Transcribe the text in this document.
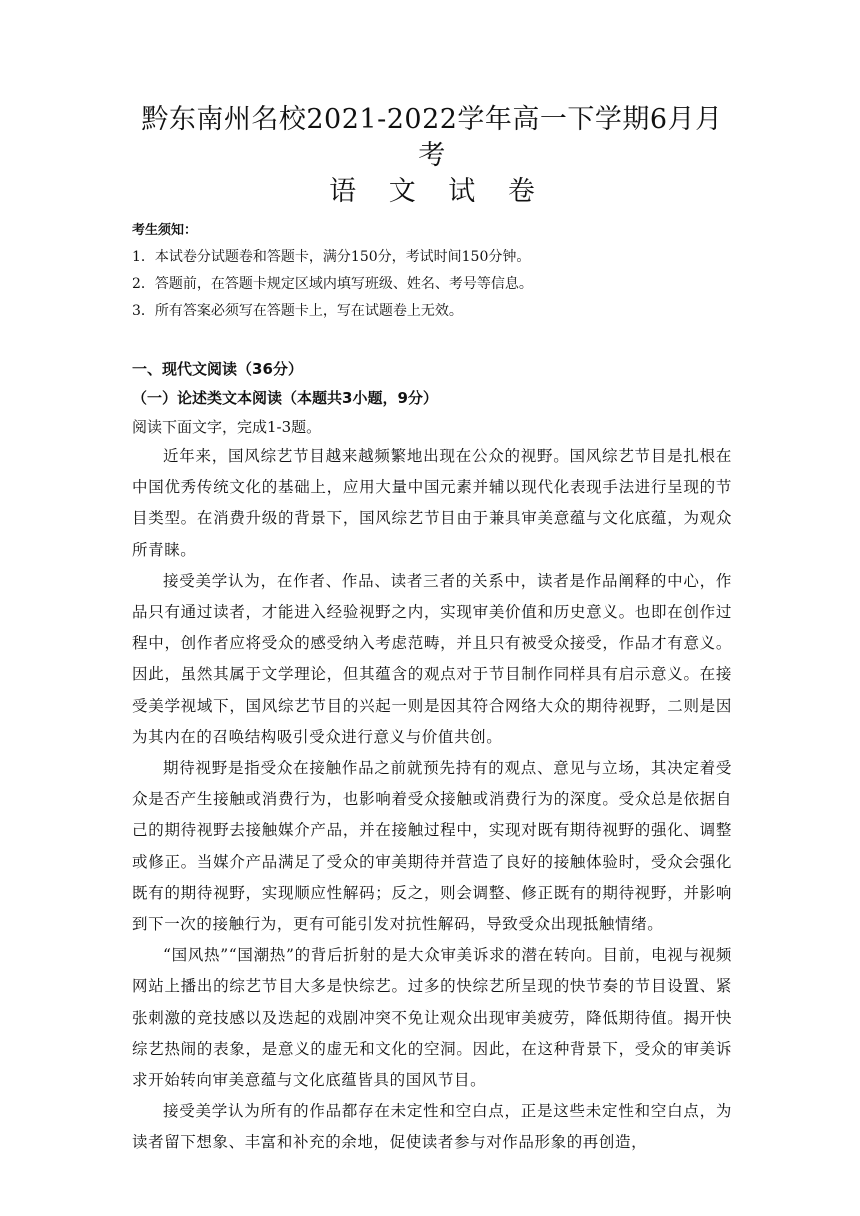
黔东南州名校2021-2022学年高一下学期6月月考
语 文 试 卷

考生须知：

1．本试卷分试题卷和答题卡，满分150分，考试时间150分钟。

2．答题前，在答题卡规定区域内填写班级、姓名、考号等信息。

3．所有答案必须写在答题卡上，写在试题卷上无效。

一、现代文阅读（36分）

（一）论述类文本阅读（本题共3小题，9分）

阅读下面文字，完成1-3题。

近年来，国风综艺节目越来越频繁地出现在公众的视野。国风综艺节目是扎根在中国优秀传统文化的基础上，应用大量中国元素并辅以现代化表现手法进行呈现的节目类型。在消费升级的背景下，国风综艺节目由于兼具审美意蕴与文化底蕴，为观众所青睐。

接受美学认为，在作者、作品、读者三者的关系中，读者是作品阐释的中心，作品只有通过读者，才能进入经验视野之内，实现审美价值和历史意义。也即在创作过程中，创作者应将受众的感受纳入考虑范畴，并且只有被受众接受，作品才有意义。因此，虽然其属于文学理论，但其蕴含的观点对于节目制作同样具有启示意义。在接受美学视域下，国风综艺节目的兴起一则是因其符合网络大众的期待视野，二则是因为其内在的召唤结构吸引受众进行意义与价值共创。

期待视野是指受众在接触作品之前就预先持有的观点、意见与立场，其决定着受众是否产生接触或消费行为，也影响着受众接触或消费行为的深度。受众总是依据自己的期待视野去接触媒介产品，并在接触过程中，实现对既有期待视野的强化、调整或修正。当媒介产品满足了受众的审美期待并营造了良好的接触体验时，受众会强化既有的期待视野，实现顺应性解码；反之，则会调整、修正既有的期待视野，并影响到下一次的接触行为，更有可能引发对抗性解码，导致受众出现抵触情绪。

“国风热”“国潮热”的背后折射的是大众审美诉求的潜在转向。目前，电视与视频网站上播出的综艺节目大多是快综艺。过多的快综艺所呈现的快节奏的节目设置、紧张刺激的竞技感以及迭起的戏剧冲突不免让观众出现审美疲劳，降低期待值。揭开快综艺热闹的表象，是意义的虚无和文化的空洞。因此，在这种背景下，受众的审美诉求开始转向审美意蕴与文化底蕴皆具的国风节目。

接受美学认为所有的作品都存在未定性和空白点，正是这些未定性和空白点，为读者留下想象、丰富和补充的余地，促使读者参与对作品形象的再创造，
